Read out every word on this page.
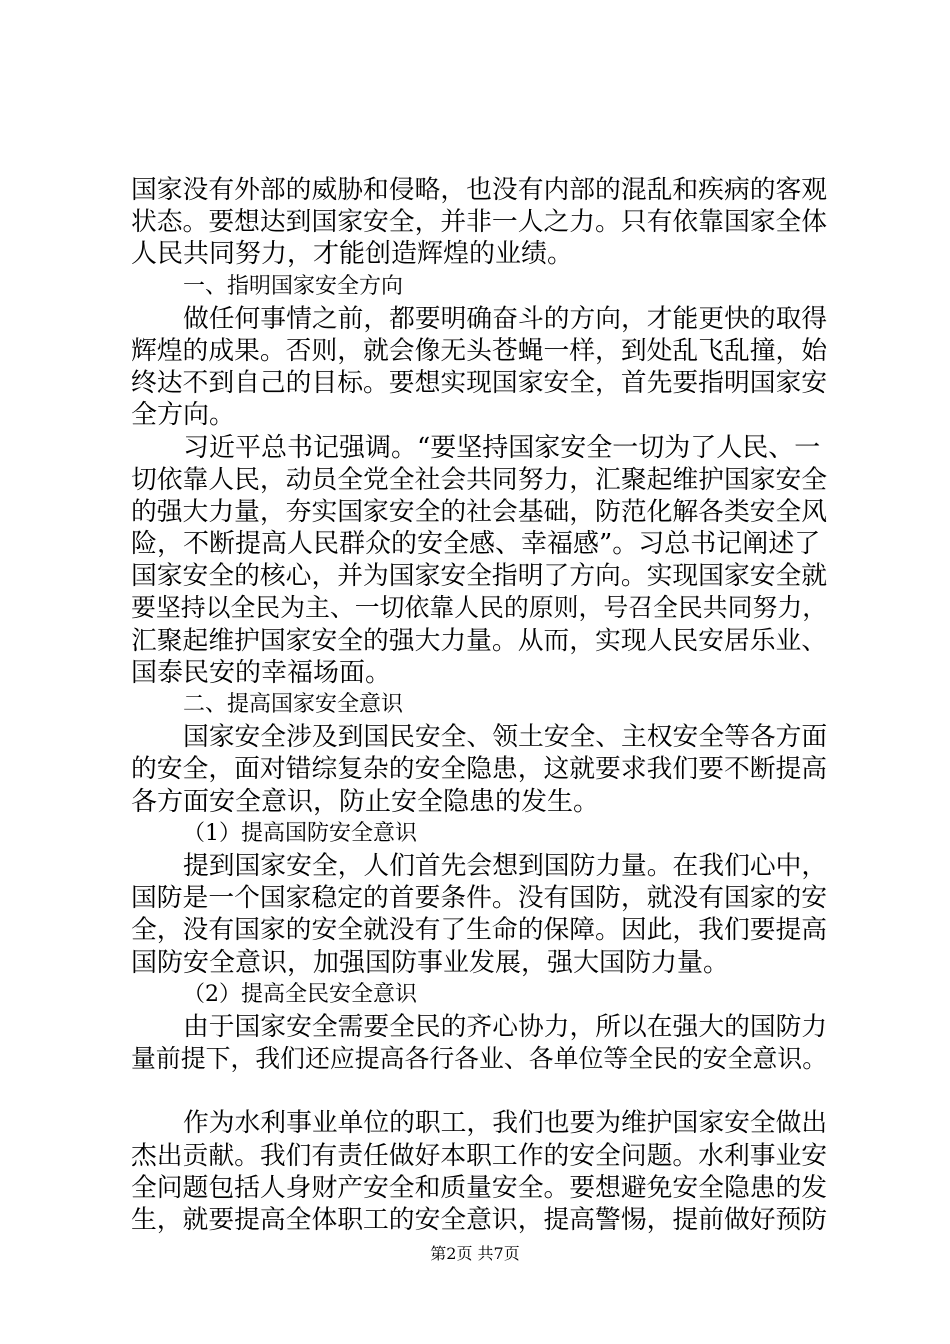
国家没有外部的威胁和侵略，也没有内部的混乱和疾病的客观
状态。要想达到国家安全，并非一人之力。只有依靠国家全体
人民共同努力，才能创造辉煌的业绩。
一、指明国家安全方向
做任何事情之前，都要明确奋斗的方向，才能更快的取得
辉煌的成果。否则，就会像无头苍蝇一样，到处乱飞乱撞，始
终达不到自己的目标。要想实现国家安全，首先要指明国家安
全方向。
习近平总书记强调。“要坚持国家安全一切为了人民、一
切依靠人民，动员全党全社会共同努力，汇聚起维护国家安全
的强大力量，夯实国家安全的社会基础，防范化解各类安全风
险，不断提高人民群众的安全感、幸福感”。习总书记阐述了
国家安全的核心，并为国家安全指明了方向。实现国家安全就
要坚持以全民为主、一切依靠人民的原则，号召全民共同努力，
汇聚起维护国家安全的强大力量。从而，实现人民安居乐业、
国泰民安的幸福场面。
二、提高国家安全意识
国家安全涉及到国民安全、领土安全、主权安全等各方面
的安全，面对错综复杂的安全隐患，这就要求我们要不断提高
各方面安全意识，防止安全隐患的发生。
（1）提高国防安全意识
提到国家安全，人们首先会想到国防力量。在我们心中，
国防是一个国家稳定的首要条件。没有国防，就没有国家的安
全，没有国家的安全就没有了生命的保障。因此，我们要提高
国防安全意识，加强国防事业发展，强大国防力量。
（2）提高全民安全意识
由于国家安全需要全民的齐心协力，所以在强大的国防力
量前提下，我们还应提高各行各业、各单位等全民的安全意识。
作为水利事业单位的职工，我们也要为维护国家安全做出
杰出贡献。我们有责任做好本职工作的安全问题。水利事业安
全问题包括人身财产安全和质量安全。要想避免安全隐患的发
生，就要提高全体职工的安全意识，提高警惕，提前做好预防
第2页 共7页
